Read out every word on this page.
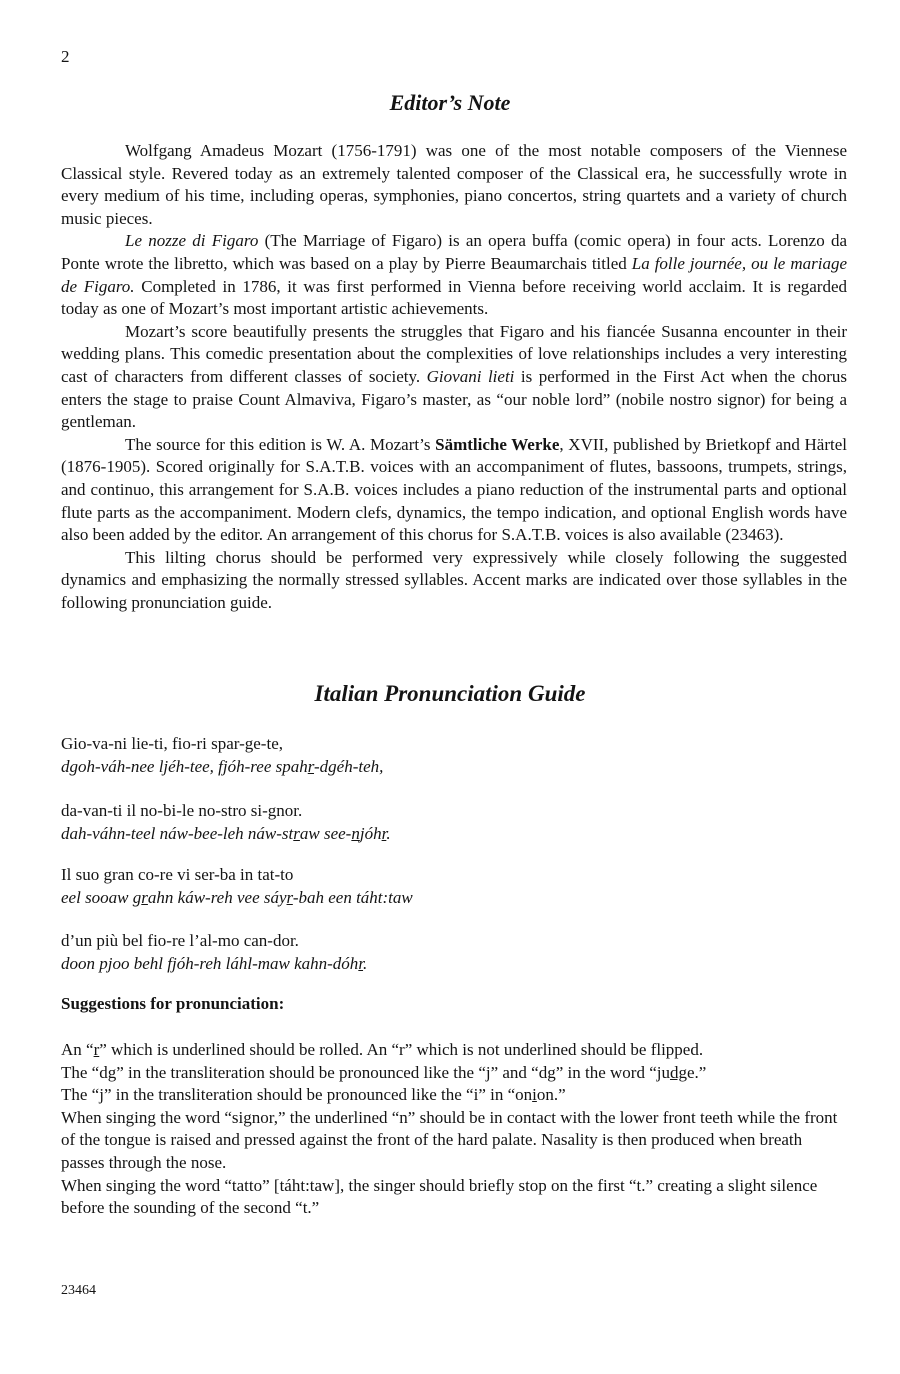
2
Editor’s Note

Wolfgang Amadeus Mozart (1756-1791) was one of the most notable composers of the Viennese Classical style. Revered today as an extremely talented composer of the Classical era, he successfully wrote in every medium of his time, including operas, symphonies, piano concertos, string quartets and a variety of church music pieces.

Le nozze di Figaro (The Marriage of Figaro) is an opera buffa (comic opera) in four acts. Lorenzo da Ponte wrote the libretto, which was based on a play by Pierre Beaumarchais titled La folle journée, ou le mariage de Figaro. Completed in 1786, it was first performed in Vienna before receiving world acclaim. It is regarded today as one of Mozart’s most important artistic achievements.

Mozart’s score beautifully presents the struggles that Figaro and his fiancée Susanna encounter in their wedding plans. This comedic presentation about the complexities of love relationships includes a very interesting cast of characters from different classes of society. Giovani lieti is performed in the First Act when the chorus enters the stage to praise Count Almaviva, Figaro’s master, as “our noble lord” (nobile nostro signor) for being a gentleman.

The source for this edition is W. A. Mozart’s Sämtliche Werke, XVII, published by Brietkopf and Härtel (1876-1905). Scored originally for S.A.T.B. voices with an accompaniment of flutes, bassoons, trumpets, strings, and continuo, this arrangement for S.A.B. voices includes a piano reduction of the instrumental parts and optional flute parts as the accompaniment. Modern clefs, dynamics, the tempo indication, and optional English words have also been added by the editor. An arrangement of this chorus for S.A.T.B. voices is also available (23463).

This lilting chorus should be performed very expressively while closely following the suggested dynamics and emphasizing the normally stressed syllables. Accent marks are indicated over those syllables in the following pronunciation guide.

Italian Pronunciation Guide
Gio-va-ni lie-ti, fio-ri spar-ge-te,
dgoh-váh-nee ljéh-tee, fjóh-ree spahr-dgéh-teh,
da-van-ti il no-bi-le no-stro si-gnor.
dah-váhn-teel náw-bee-leh náw-straw see-njóhr.
Il suo gran co-re vi ser-ba in tat-to
eel sooaw grahn káw-reh vee sáyr-bah een táht:taw
d’un più bel fio-re l’al-mo can-dor.
doon pjoo behl fjóh-reh láhl-maw kahn-dóhr.
Suggestions for pronunciation:

An “r” which is underlined should be rolled. An “r” which is not underlined should be flipped.

The “dg” in the transliteration should be pronounced like the “j” and “dg” in the word “judge.”

The “j” in the transliteration should be pronounced like the “i” in “onion.”

When singing the word “signor,” the underlined “n” should be in contact with the lower front teeth while the front of the tongue is raised and pressed against the front of the hard palate. Nasality is then produced when breath passes through the nose.

When singing the word “tatto” [táht:taw], the singer should briefly stop on the first “t.” creating a slight silence before the sounding of the second “t.”

23464
